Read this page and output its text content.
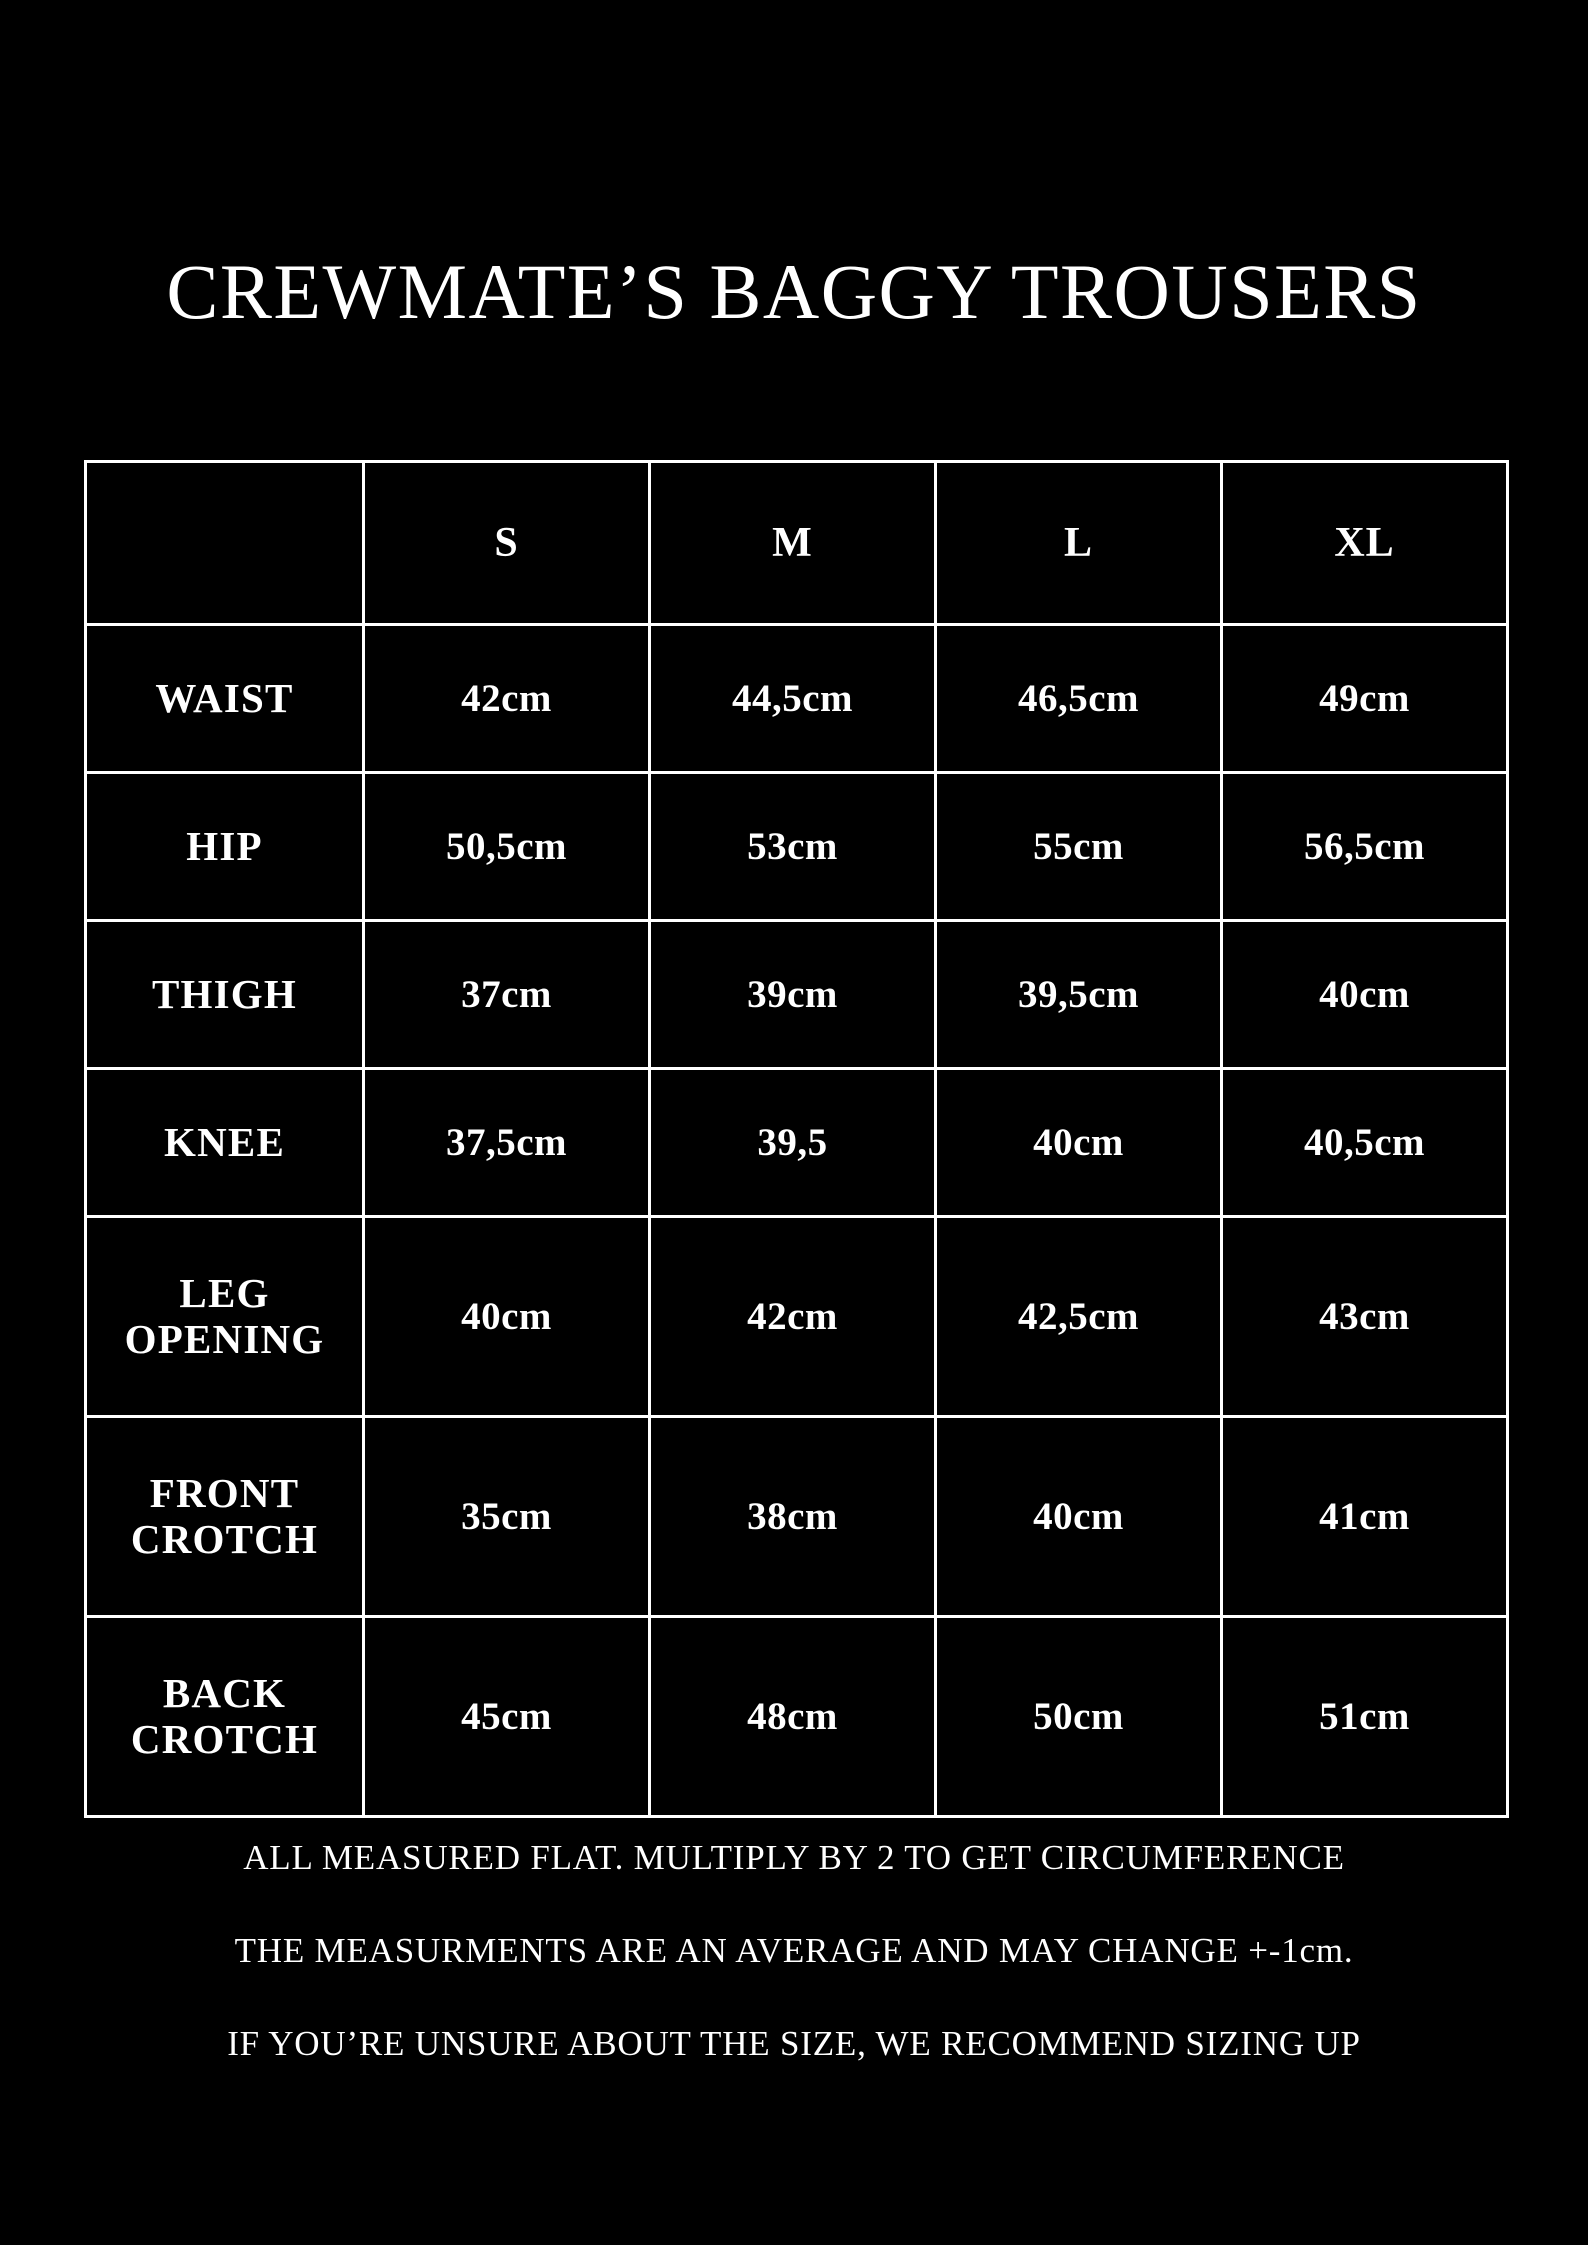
CREWMATE’S BAGGY TROUSERS
	S	M	L	XL
WAIST	42cm	44,5cm	46,5cm	49cm
HIP	50,5cm	53cm	55cm	56,5cm
THIGH	37cm	39cm	39,5cm	40cm
KNEE	37,5cm	39,5	40cm	40,5cm

LEG
OPENING	40cm	42cm	42,5cm	43cm

FRONT
CROTCH	35cm	38cm	40cm	41cm

BACK
CROTCH	45cm	48cm	50cm	51cm
ALL MEASURED FLAT. MULTIPLY BY 2 TO GET CIRCUMFERENCE
THE MEASURMENTS ARE AN AVERAGE AND MAY CHANGE +-1cm.
IF YOU’RE UNSURE ABOUT THE SIZE, WE RECOMMEND SIZING UP
